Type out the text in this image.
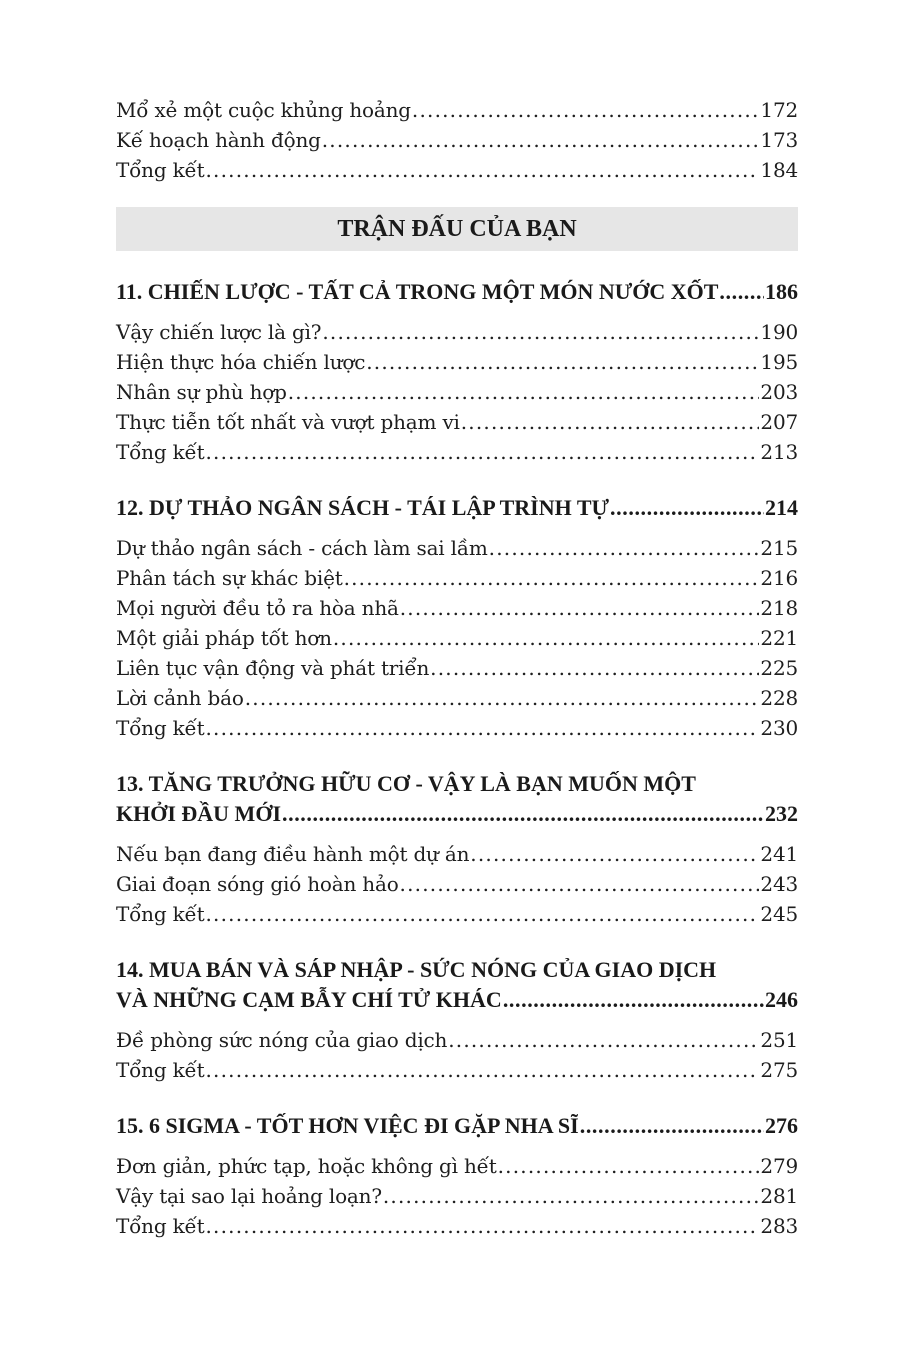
Mổ xẻ một cuộc khủng hoảng .....	172
Kế hoạch hành động .....	173
Tổng kết .....	184
TRẬN ĐẤU CỦA BẠN
11. CHIẾN LƯỢC - TẤT CẢ TRONG MỘT MÓN NƯỚC XỐT ..... 186
Vậy chiến lược là gì? .....	190
Hiện thực hóa chiến lược .....	195
Nhân sự phù hợp .....	203
Thực tiễn tốt nhất và vượt phạm vi .....	207
Tổng kết .....	213
12. DỰ THẢO NGÂN SÁCH - TÁI LẬP TRÌNH TỰ .....	214
Dự thảo ngân sách - cách làm sai lầm .....	215
Phân tách sự khác biệt .....	216
Mọi người đều tỏ ra hòa nhã .....	218
Một giải pháp tốt hơn .....	221
Liên tục vận động và phát triển .....	225
Lời cảnh báo .....	228
Tổng kết .....	230
13. TĂNG TRƯỞNG HỮU CƠ - VẬY LÀ BẠN MUỐN MỘT
KHỞI ĐẦU MỚI .....	232
Nếu bạn đang điều hành một dự án .....	241
Giai đoạn sóng gió hoàn hảo .....	243
Tổng kết .....	245
14. MUA BÁN VÀ SÁP NHẬP - SỨC NÓNG CỦA GIAO DỊCH
VÀ NHỮNG CẠM BẪY CHÍ TỬ KHÁC .....	246
Đề phòng sức nóng của giao dịch .....	251
Tổng kết .....	275
15. 6 SIGMA - TỐT HƠN VIỆC ĐI GẶP NHA SĨ .....	276
Đơn giản, phức tạp, hoặc không gì hết .....	279
Vậy tại sao lại hoảng loạn? .....	281
Tổng kết .....	283
